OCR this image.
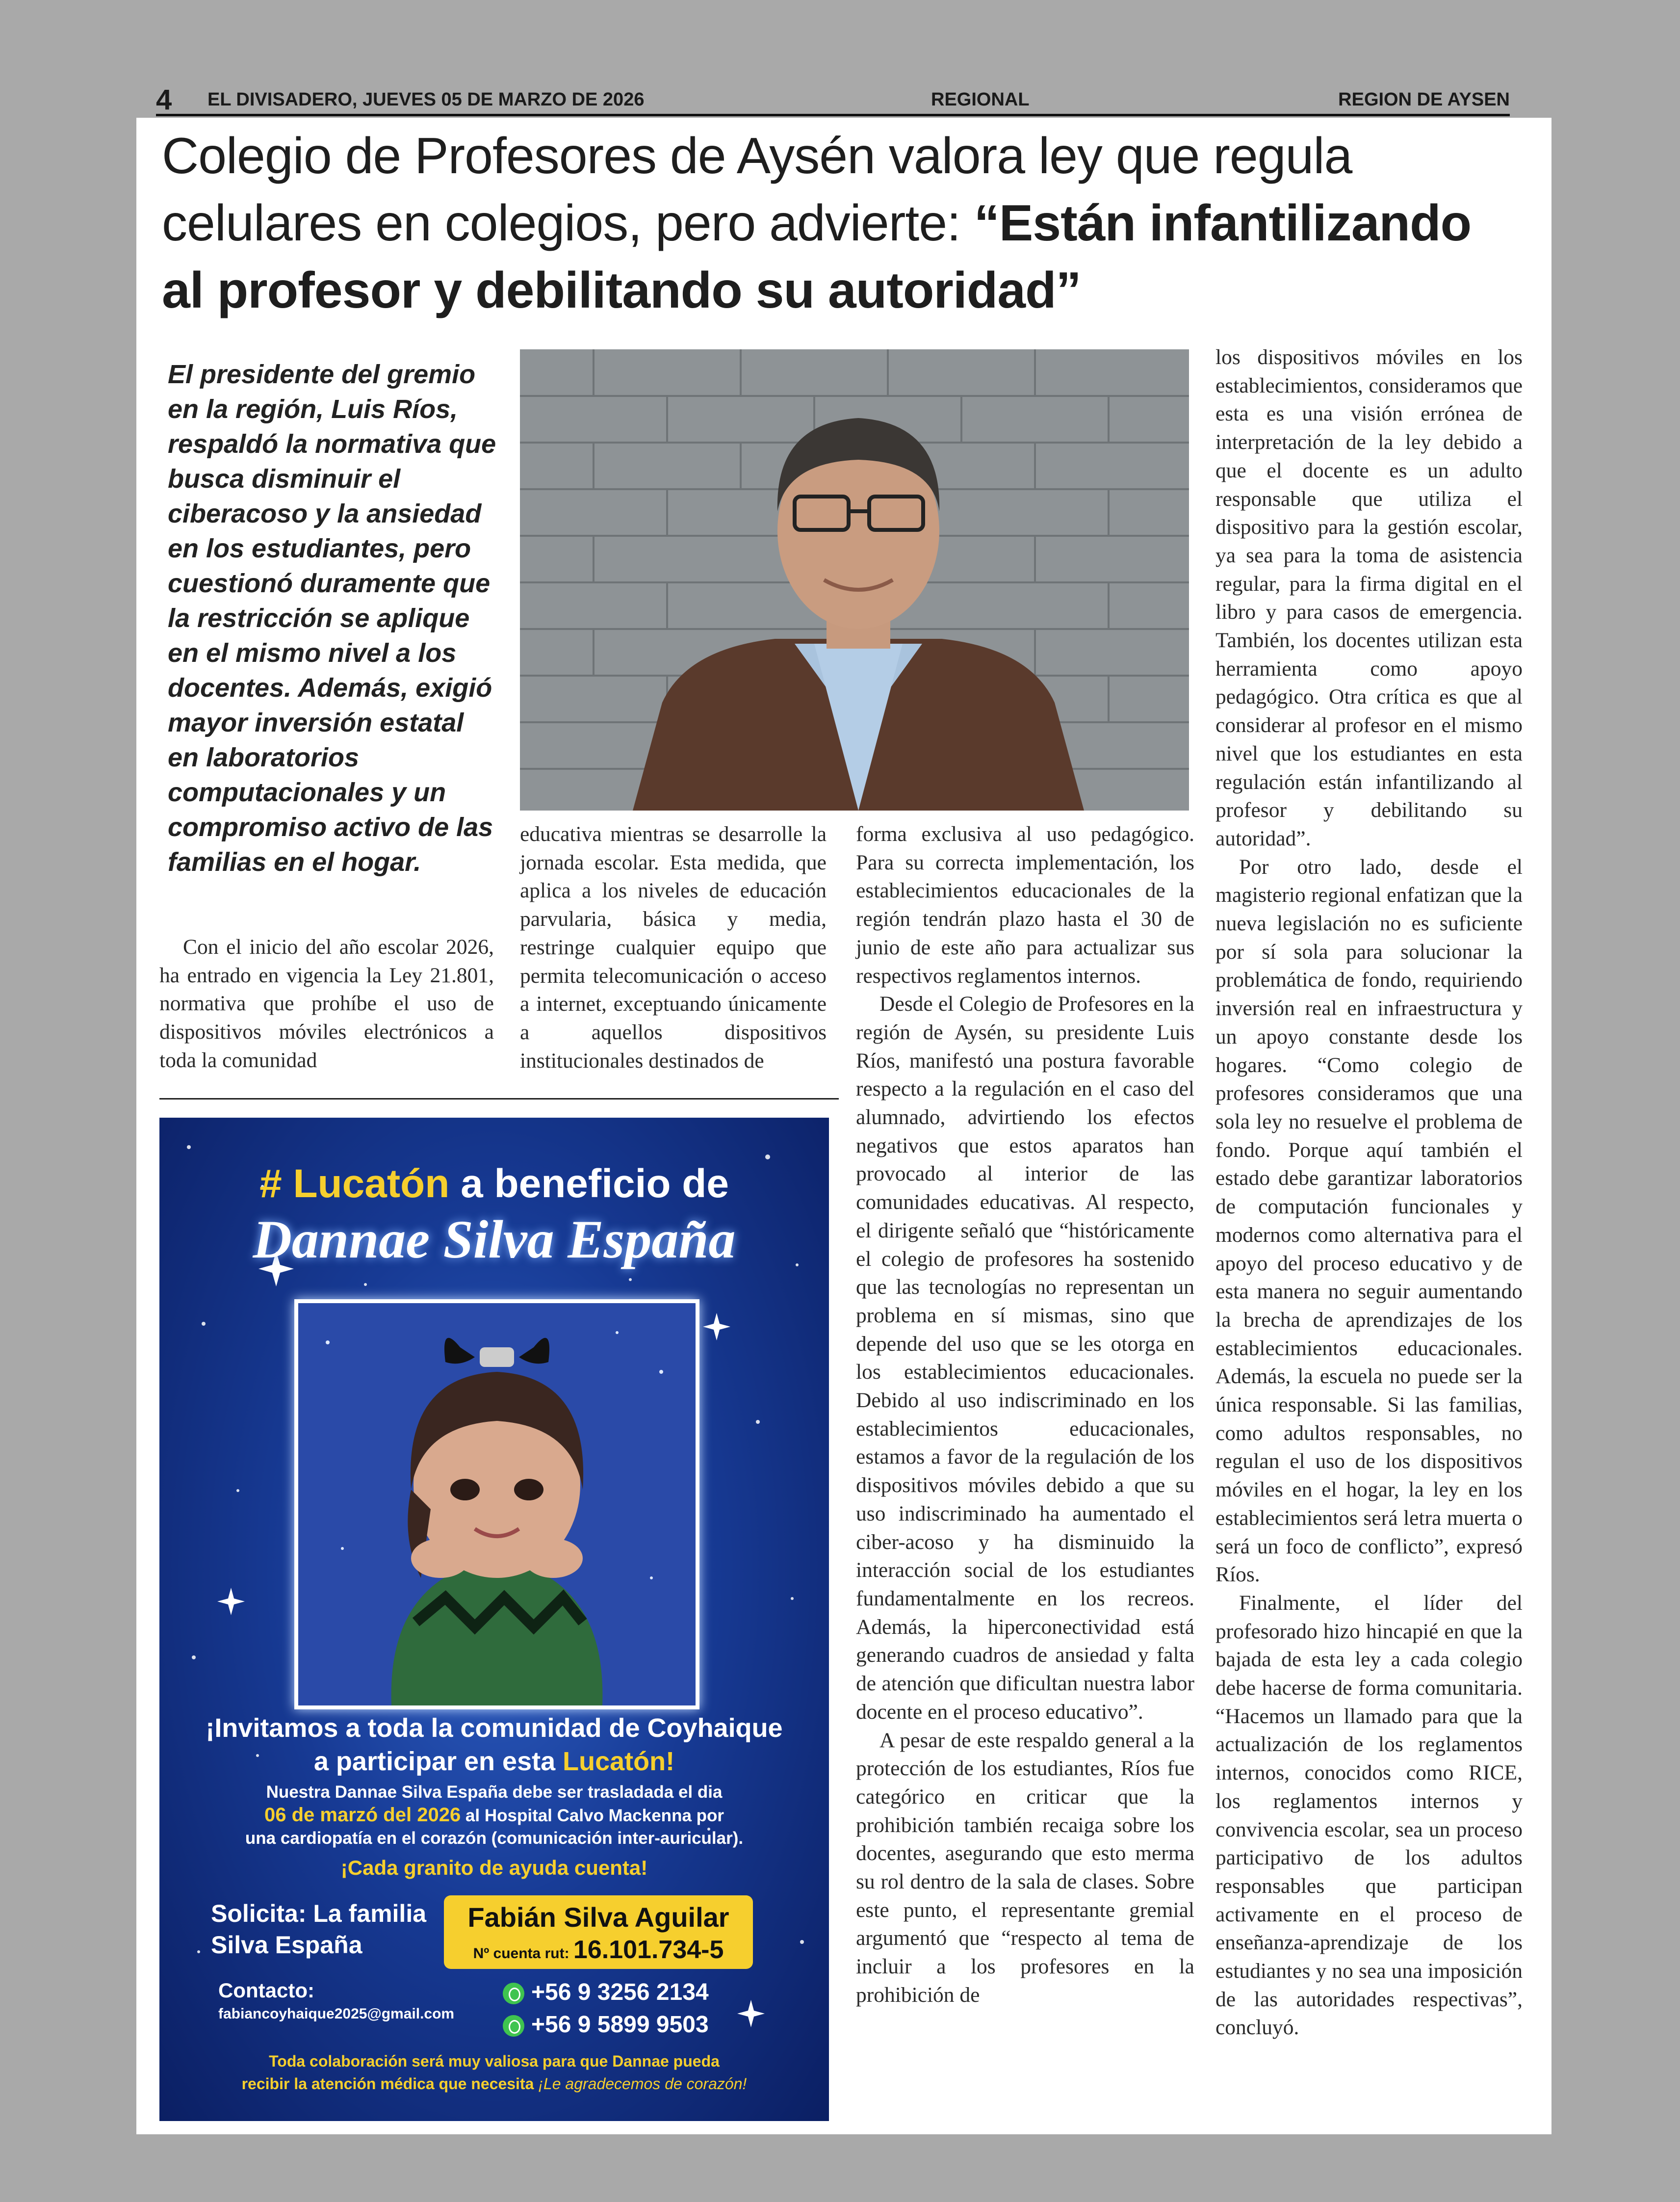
4 EL DIVISADERO, JUEVES 05 DE MARZO DE 2026	REGIONAL	REGION DE AYSEN
Colegio de Profesores de Aysén valora ley que regula celulares en colegios, pero advierte: “Están infantilizando al profesor y debilitando su autoridad”
El presidente del gremio en la región, Luis Ríos, respaldó la normativa que busca disminuir el ciberacoso y la ansiedad en los estudiantes, pero cuestionó duramente que la restricción se aplique en el mismo nivel a los docentes. Además, exigió mayor inversión estatal en laboratorios computacionales y un compromiso activo de las familias en el hogar.

Con el inicio del año escolar 2026, ha entrado en vigencia la Ley 21.801, normativa que prohíbe el uso de dispositivos móviles electrónicos a toda la comunidad

educativa mientras se desarrolle la jornada escolar. Esta medida, que aplica a los niveles de educación parvularia, básica y media, restringe cualquier equipo que permita telecomunicación o acceso a internet, exceptuando únicamente a aquellos dispositivos institucionales destinados de

forma exclusiva al uso pedagógico. Para su correcta implementación, los establecimientos educacionales de la región tendrán plazo hasta el 30 de junio de este año para actualizar sus respectivos reglamentos internos.

Desde el Colegio de Profesores en la región de Aysén, su presidente Luis Ríos, manifestó una postura favorable respecto a la regulación en el caso del alumnado, advirtiendo los efectos negativos que estos aparatos han provocado al interior de las comunidades educativas. Al respecto, el dirigente señaló que “históricamente el colegio de profesores ha sostenido que las tecnologías no representan un problema en sí mismas, sino que depende del uso que se les otorga en los establecimientos educacionales. Debido al uso indiscriminado en los establecimientos educacionales, estamos a favor de la regulación de los dispositivos móviles debido a que su uso indiscriminado ha aumentado el ciber-acoso y ha disminuido la interacción social de los estudiantes fundamentalmente en los recreos. Además, la hiperconectividad está generando cuadros de ansiedad y falta de atención que dificultan nuestra labor docente en el proceso educativo”.

A pesar de este respaldo general a la protección de los estudiantes, Ríos fue categórico en criticar que la prohibición también recaiga sobre los docentes, asegurando que esto merma su rol dentro de la sala de clases. Sobre este punto, el representante gremial argumentó que “respecto al tema de incluir a los profesores en la prohibición de

los dispositivos móviles en los establecimientos, consideramos que esta es una visión errónea de interpretación de la ley debido a que el docente es un adulto responsable que utiliza el dispositivo para la gestión escolar, ya sea para la toma de asistencia regular, para la firma digital en el libro y para casos de emergencia. También, los docentes utilizan esta herramienta como apoyo pedagógico. Otra crítica es que al considerar al profesor en el mismo nivel que los estudiantes en esta regulación están infantilizando al profesor y debilitando su autoridad”.

Por otro lado, desde el magisterio regional enfatizan que la nueva legislación no es suficiente por sí sola para solucionar la problemática de fondo, requiriendo inversión real en infraestructura y un apoyo constante desde los hogares. “Como colegio de profesores consideramos que una sola ley no resuelve el problema de fondo. Porque aquí también el estado debe garantizar laboratorios de computación funcionales y modernos como alternativa para el apoyo del proceso educativo y de esta manera no seguir aumentando la brecha de aprendizajes de los establecimientos educacionales. Además, la escuela no puede ser la única responsable. Si las familias, como adultos responsables, no regulan el uso de los dispositivos móviles en el hogar, la ley en los establecimientos será letra muerta o será un foco de conflicto”, expresó Ríos.

Finalmente, el líder del profesorado hizo hincapié en que la bajada de esta ley a cada colegio debe hacerse de forma comunitaria. “Hacemos un llamado para que la actualización de los reglamentos internos, conocidos como RICE, los reglamentos internos y convivencia escolar, sea un proceso participativo de los adultos responsables que participan activamente en el proceso de enseñanza-aprendizaje de los estudiantes y no sea una imposición de las autoridades respectivas”, concluyó.

# Lucatón a beneficio de
Dannae Silva España
¡Invitamos a toda la comunidad de Coyhaique
a participar en esta Lucatón!
Nuestra Dannae Silva España debe ser trasladada el dia
06 de marzó del 2026 al Hospital Calvo Mackenna por
una cardiopatía en el corazón (comunicación inter-auricular).
¡Cada granito de ayuda cuenta!
Solicita: La familia
Silva España
Fabián Silva Aguilar
Nº cuenta rut: 16.101.734-5
Contacto:
fabiancoyhaique2025@gmail.com
+56 9 3256 2134
+56 9 5899 9503
Toda colaboración será muy valiosa para que Dannae pueda
recibir la atención médica que necesita ¡Le agradecemos de corazón!
